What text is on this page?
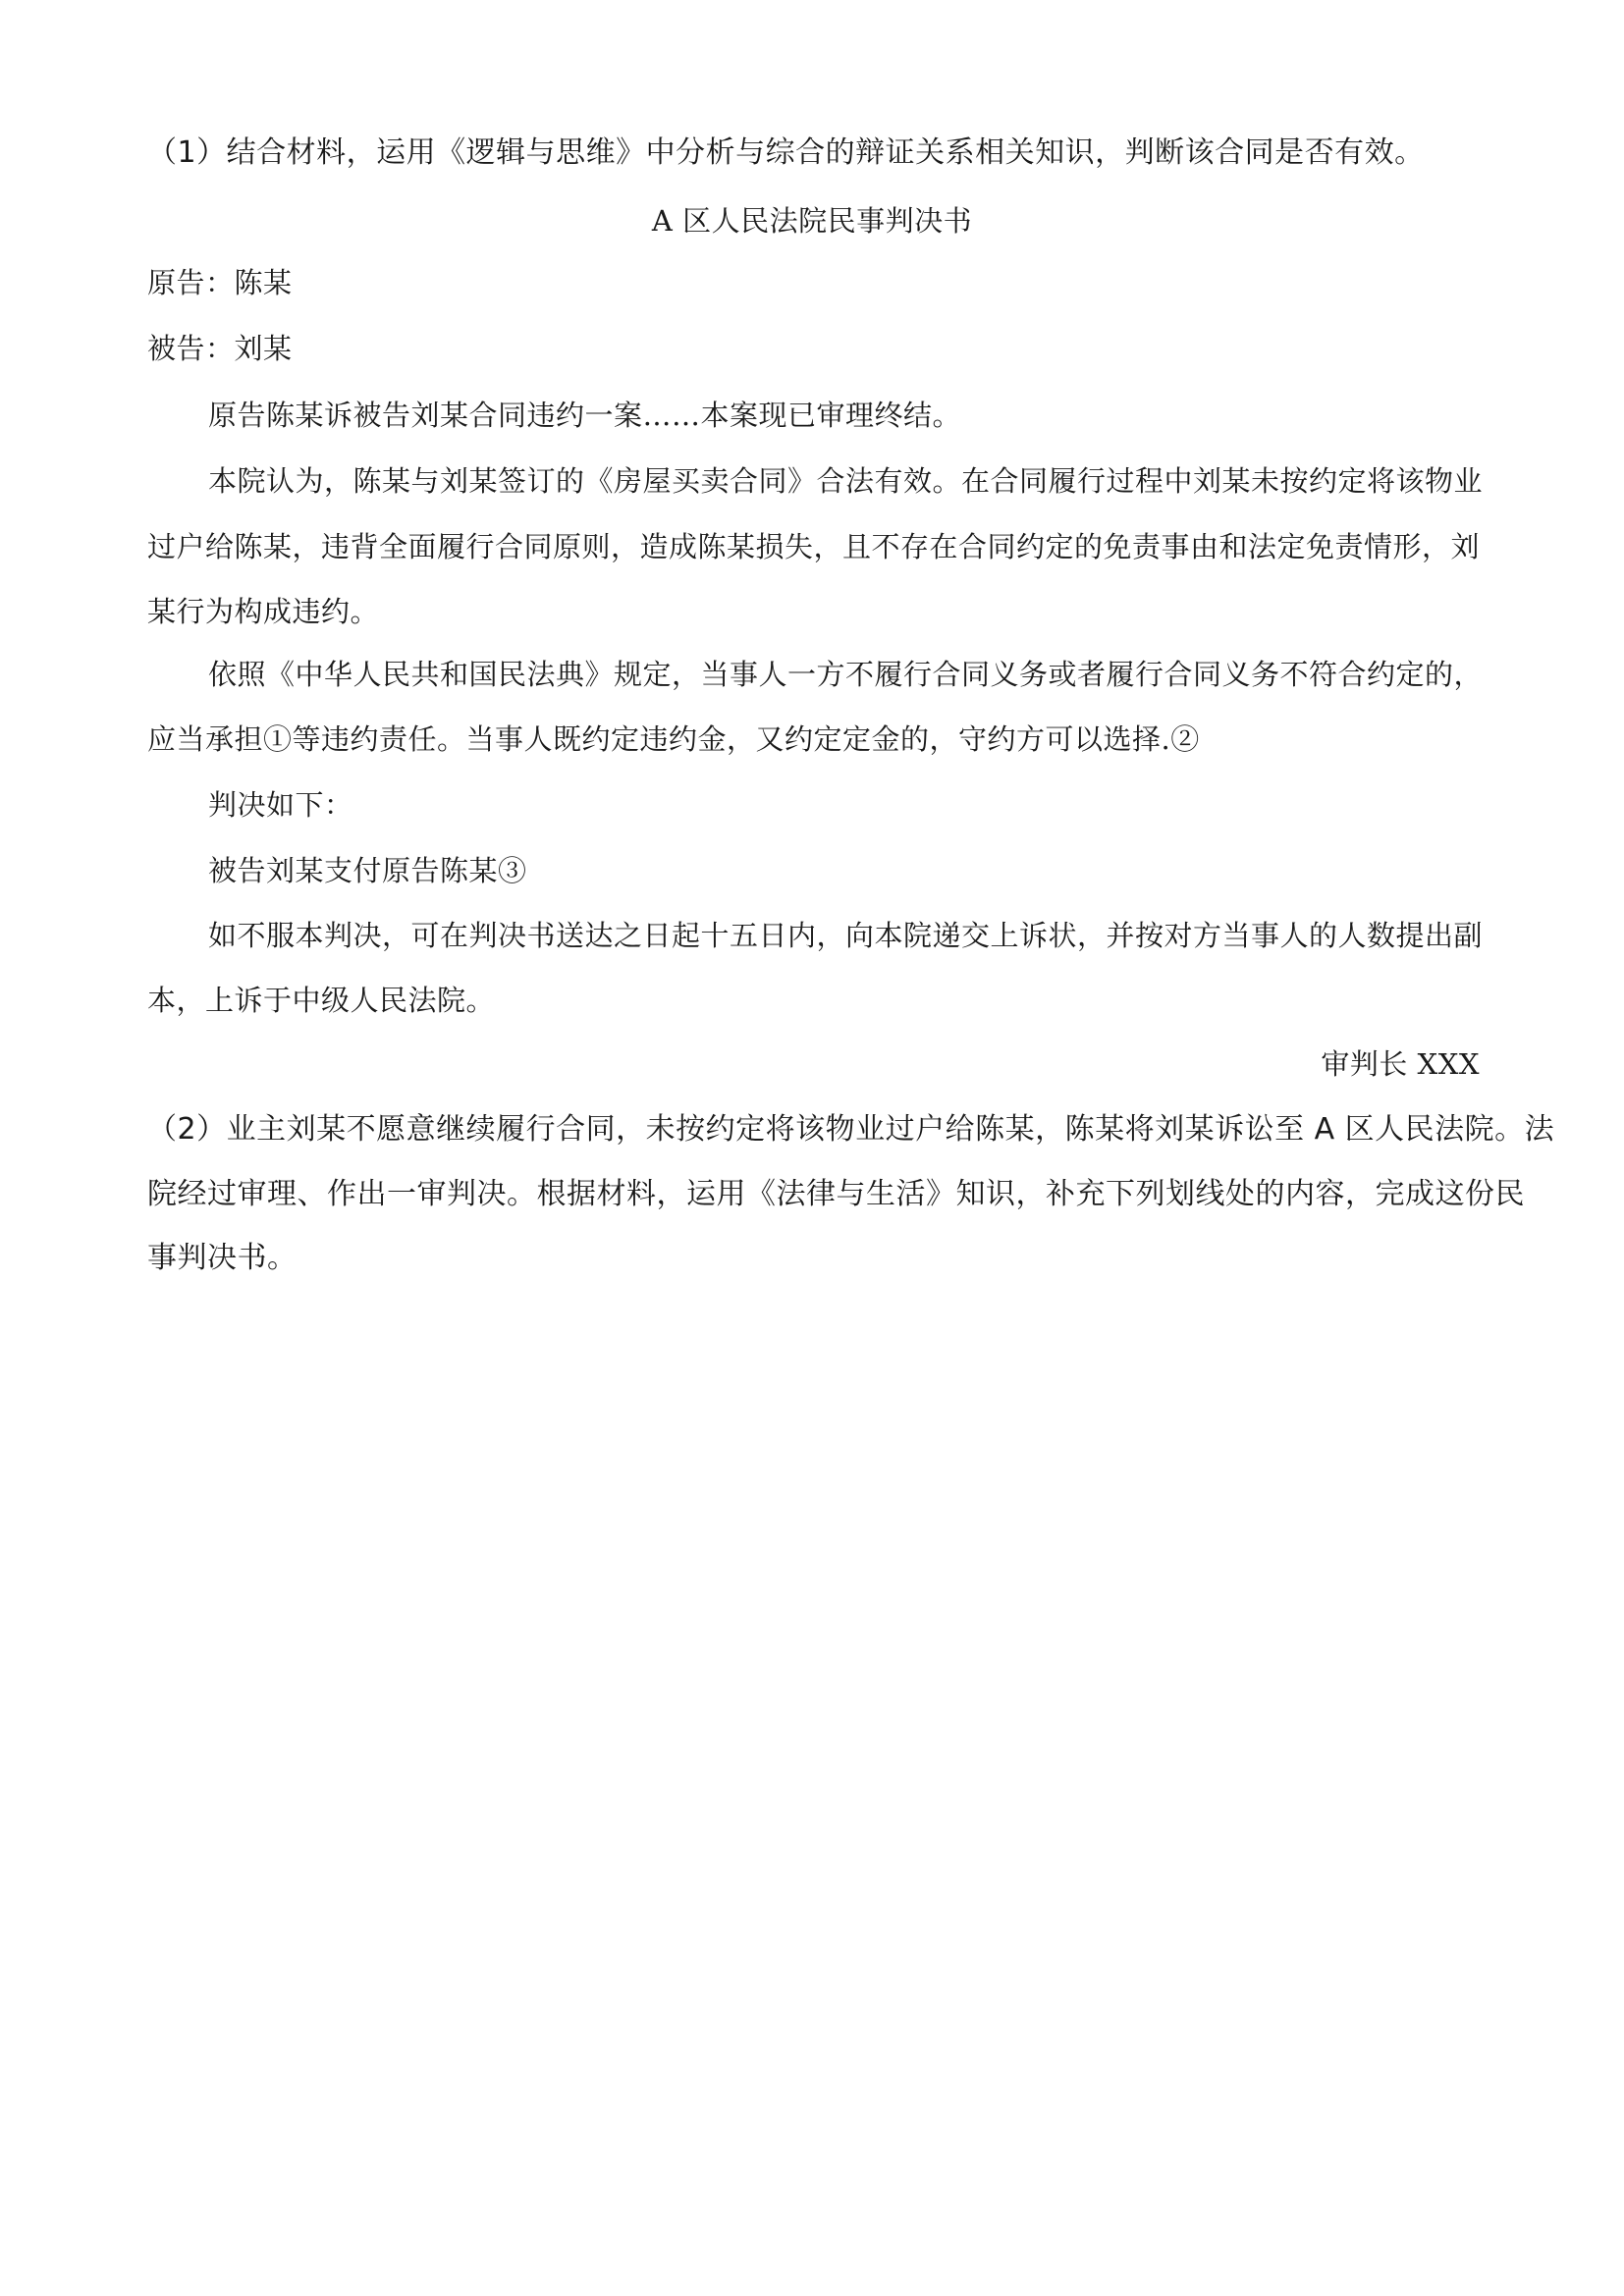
（1）结合材料，运用《逻辑与思维》中分析与综合的辩证关系相关知识，判断该合同是否有效。
A 区人民法院民事判决书
原告：陈某
被告：刘某
原告陈某诉被告刘某合同违约一案……本案现已审理终结。
本院认为，陈某与刘某签订的《房屋买卖合同》合法有效。在合同履行过程中刘某未按约定将该物业
过户给陈某，违背全面履行合同原则，造成陈某损失，且不存在合同约定的免责事由和法定免责情形，刘
某行为构成违约。
依照《中华人民共和国民法典》规定，当事人一方不履行合同义务或者履行合同义务不符合约定的，
应当承担①等违约责任。当事人既约定违约金，又约定定金的，守约方可以选择.②
判决如下：
被告刘某支付原告陈某③
如不服本判决，可在判决书送达之日起十五日内，向本院递交上诉状，并按对方当事人的人数提出副
本，上诉于中级人民法院。
审判长 XXX
（2）业主刘某不愿意继续履行合同，未按约定将该物业过户给陈某，陈某将刘某诉讼至 A 区人民法院。法
院经过审理、作出一审判决。根据材料，运用《法律与生活》知识，补充下列划线处的内容，完成这份民
事判决书。
